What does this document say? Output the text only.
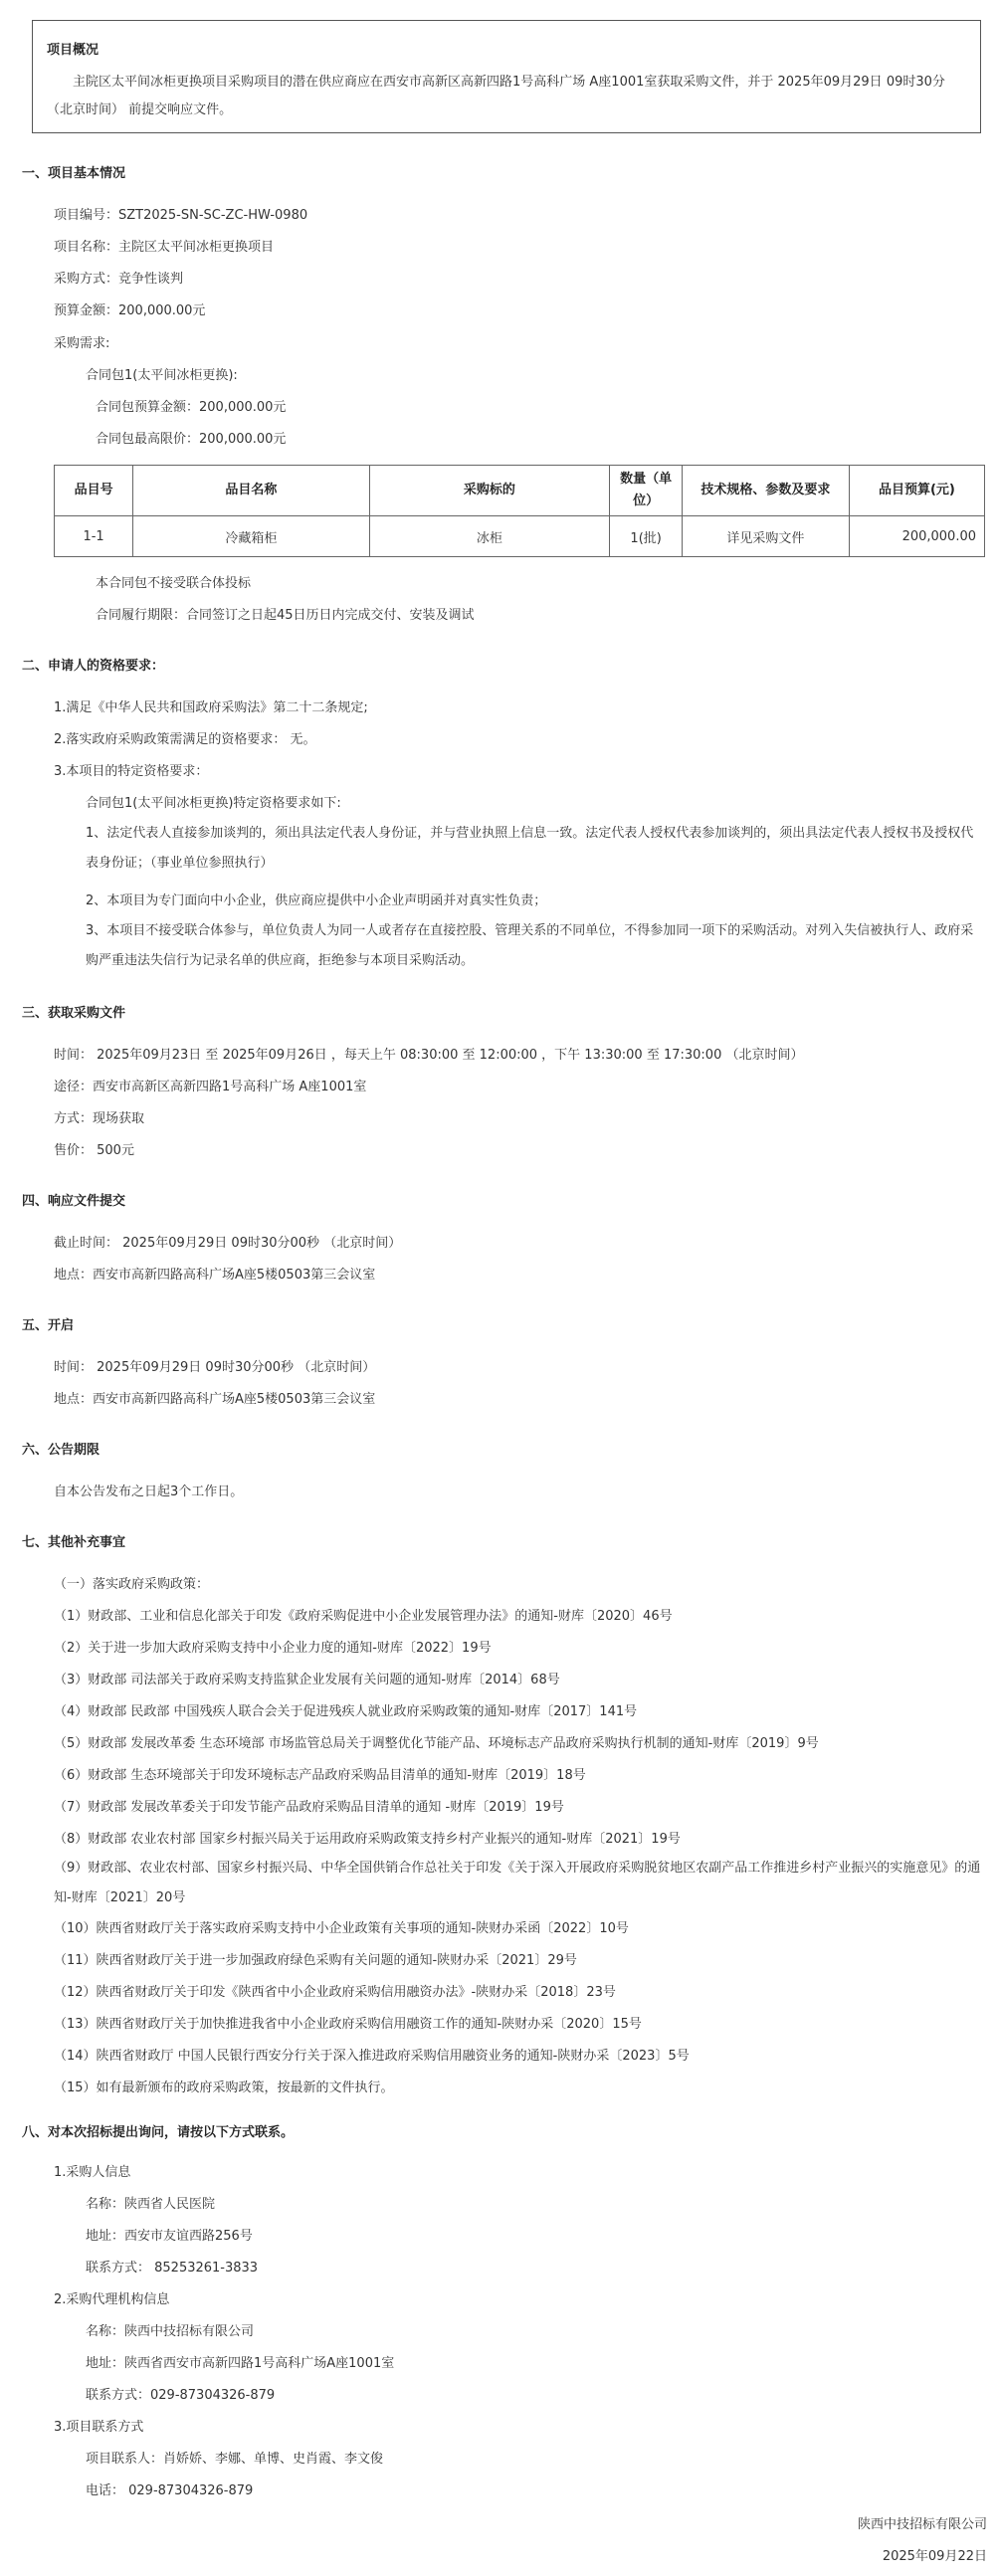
项目概况
主院区太平间冰柜更换项目采购项目的潜在供应商应在西安市高新区高新四路1号高科广场 A座1001室获取采购文件，并于 2025年09月29日 09时30分 （北京时间） 前提交响应文件。
一、项目基本情况
项目编号：SZT2025-SN-SC-ZC-HW-0980
项目名称：主院区太平间冰柜更换项目
采购方式：竞争性谈判
预算金额：200,000.00元
采购需求:
合同包1(太平间冰柜更换):
合同包预算金额：200,000.00元
合同包最高限价：200,000.00元
品目号	品目名称	采购标的	数量（单位）	技术规格、参数及要求	品目预算(元)
1-1	冷藏箱柜	冰柜	1(批)	详见采购文件	200,000.00
本合同包不接受联合体投标
合同履行期限：合同签订之日起45日历日内完成交付、安装及调试
二、申请人的资格要求：
1.满足《中华人民共和国政府采购法》第二十二条规定;
2.落实政府采购政策需满足的资格要求： 无。
3.本项目的特定资格要求：
合同包1(太平间冰柜更换)特定资格要求如下:
1、法定代表人直接参加谈判的，须出具法定代表人身份证，并与营业执照上信息一致。法定代表人授权代表参加谈判的，须出具法定代表人授权书及授权代表身份证；（事业单位参照执行）
2、本项目为专门面向中小企业，供应商应提供中小企业声明函并对真实性负责；
3、本项目不接受联合体参与，单位负责人为同一人或者存在直接控股、管理关系的不同单位，不得参加同一项下的采购活动。对列入失信被执行人、政府采购严重违法失信行为记录名单的供应商，拒绝参与本项目采购活动。
三、获取采购文件
时间： 2025年09月23日 至 2025年09月26日 ，每天上午 08:30:00 至 12:00:00 ，下午 13:30:00 至 17:30:00 （北京时间）
途径：西安市高新区高新四路1号高科广场 A座1001室
方式：现场获取
售价： 500元
四、响应文件提交
截止时间： 2025年09月29日 09时30分00秒 （北京时间）
地点：西安市高新四路高科广场A座5楼0503第三会议室
五、开启
时间： 2025年09月29日 09时30分00秒 （北京时间）
地点：西安市高新四路高科广场A座5楼0503第三会议室
六、公告期限
自本公告发布之日起3个工作日。
七、其他补充事宜
（一）落实政府采购政策：
（1）财政部、工业和信息化部关于印发《政府采购促进中小企业发展管理办法》的通知-财库〔2020〕46号
（2）关于进一步加大政府采购支持中小企业力度的通知-财库〔2022〕19号
（3）财政部 司法部关于政府采购支持监狱企业发展有关问题的通知-财库〔2014〕68号
（4）财政部 民政部 中国残疾人联合会关于促进残疾人就业政府采购政策的通知-财库〔2017〕141号
（5）财政部 发展改革委 生态环境部 市场监管总局关于调整优化节能产品、环境标志产品政府采购执行机制的通知-财库〔2019〕9号
（6）财政部 生态环境部关于印发环境标志产品政府采购品目清单的通知-财库〔2019〕18号
（7）财政部 发展改革委关于印发节能产品政府采购品目清单的通知 -财库〔2019〕19号
（8）财政部 农业农村部 国家乡村振兴局关于运用政府采购政策支持乡村产业振兴的通知-财库〔2021〕19号
（9）财政部、农业农村部、国家乡村振兴局、中华全国供销合作总社关于印发《关于深入开展政府采购脱贫地区农副产品工作推进乡村产业振兴的实施意见》的通知-财库〔2021〕20号
（10）陕西省财政厅关于落实政府采购支持中小企业政策有关事项的通知-陕财办采函〔2022〕10号
（11）陕西省财政厅关于进一步加强政府绿色采购有关问题的通知-陕财办采〔2021〕29号
（12）陕西省财政厅关于印发《陕西省中小企业政府采购信用融资办法》-陕财办采〔2018〕23号
（13）陕西省财政厅关于加快推进我省中小企业政府采购信用融资工作的通知-陕财办采〔2020〕15号
（14）陕西省财政厅 中国人民银行西安分行关于深入推进政府采购信用融资业务的通知-陕财办采〔2023〕5号
（15）如有最新颁布的政府采购政策，按最新的文件执行。
八、对本次招标提出询问，请按以下方式联系。
1.采购人信息
名称：陕西省人民医院
地址：西安市友谊西路256号
联系方式： 85253261-3833
2.采购代理机构信息
名称：陕西中技招标有限公司
地址：陕西省西安市高新四路1号高科广场A座1001室
联系方式：029-87304326-879
3.项目联系方式
项目联系人：肖娇娇、李娜、单博、史肖霞、李文俊
电话： 029-87304326-879
陕西中技招标有限公司
2025年09月22日
